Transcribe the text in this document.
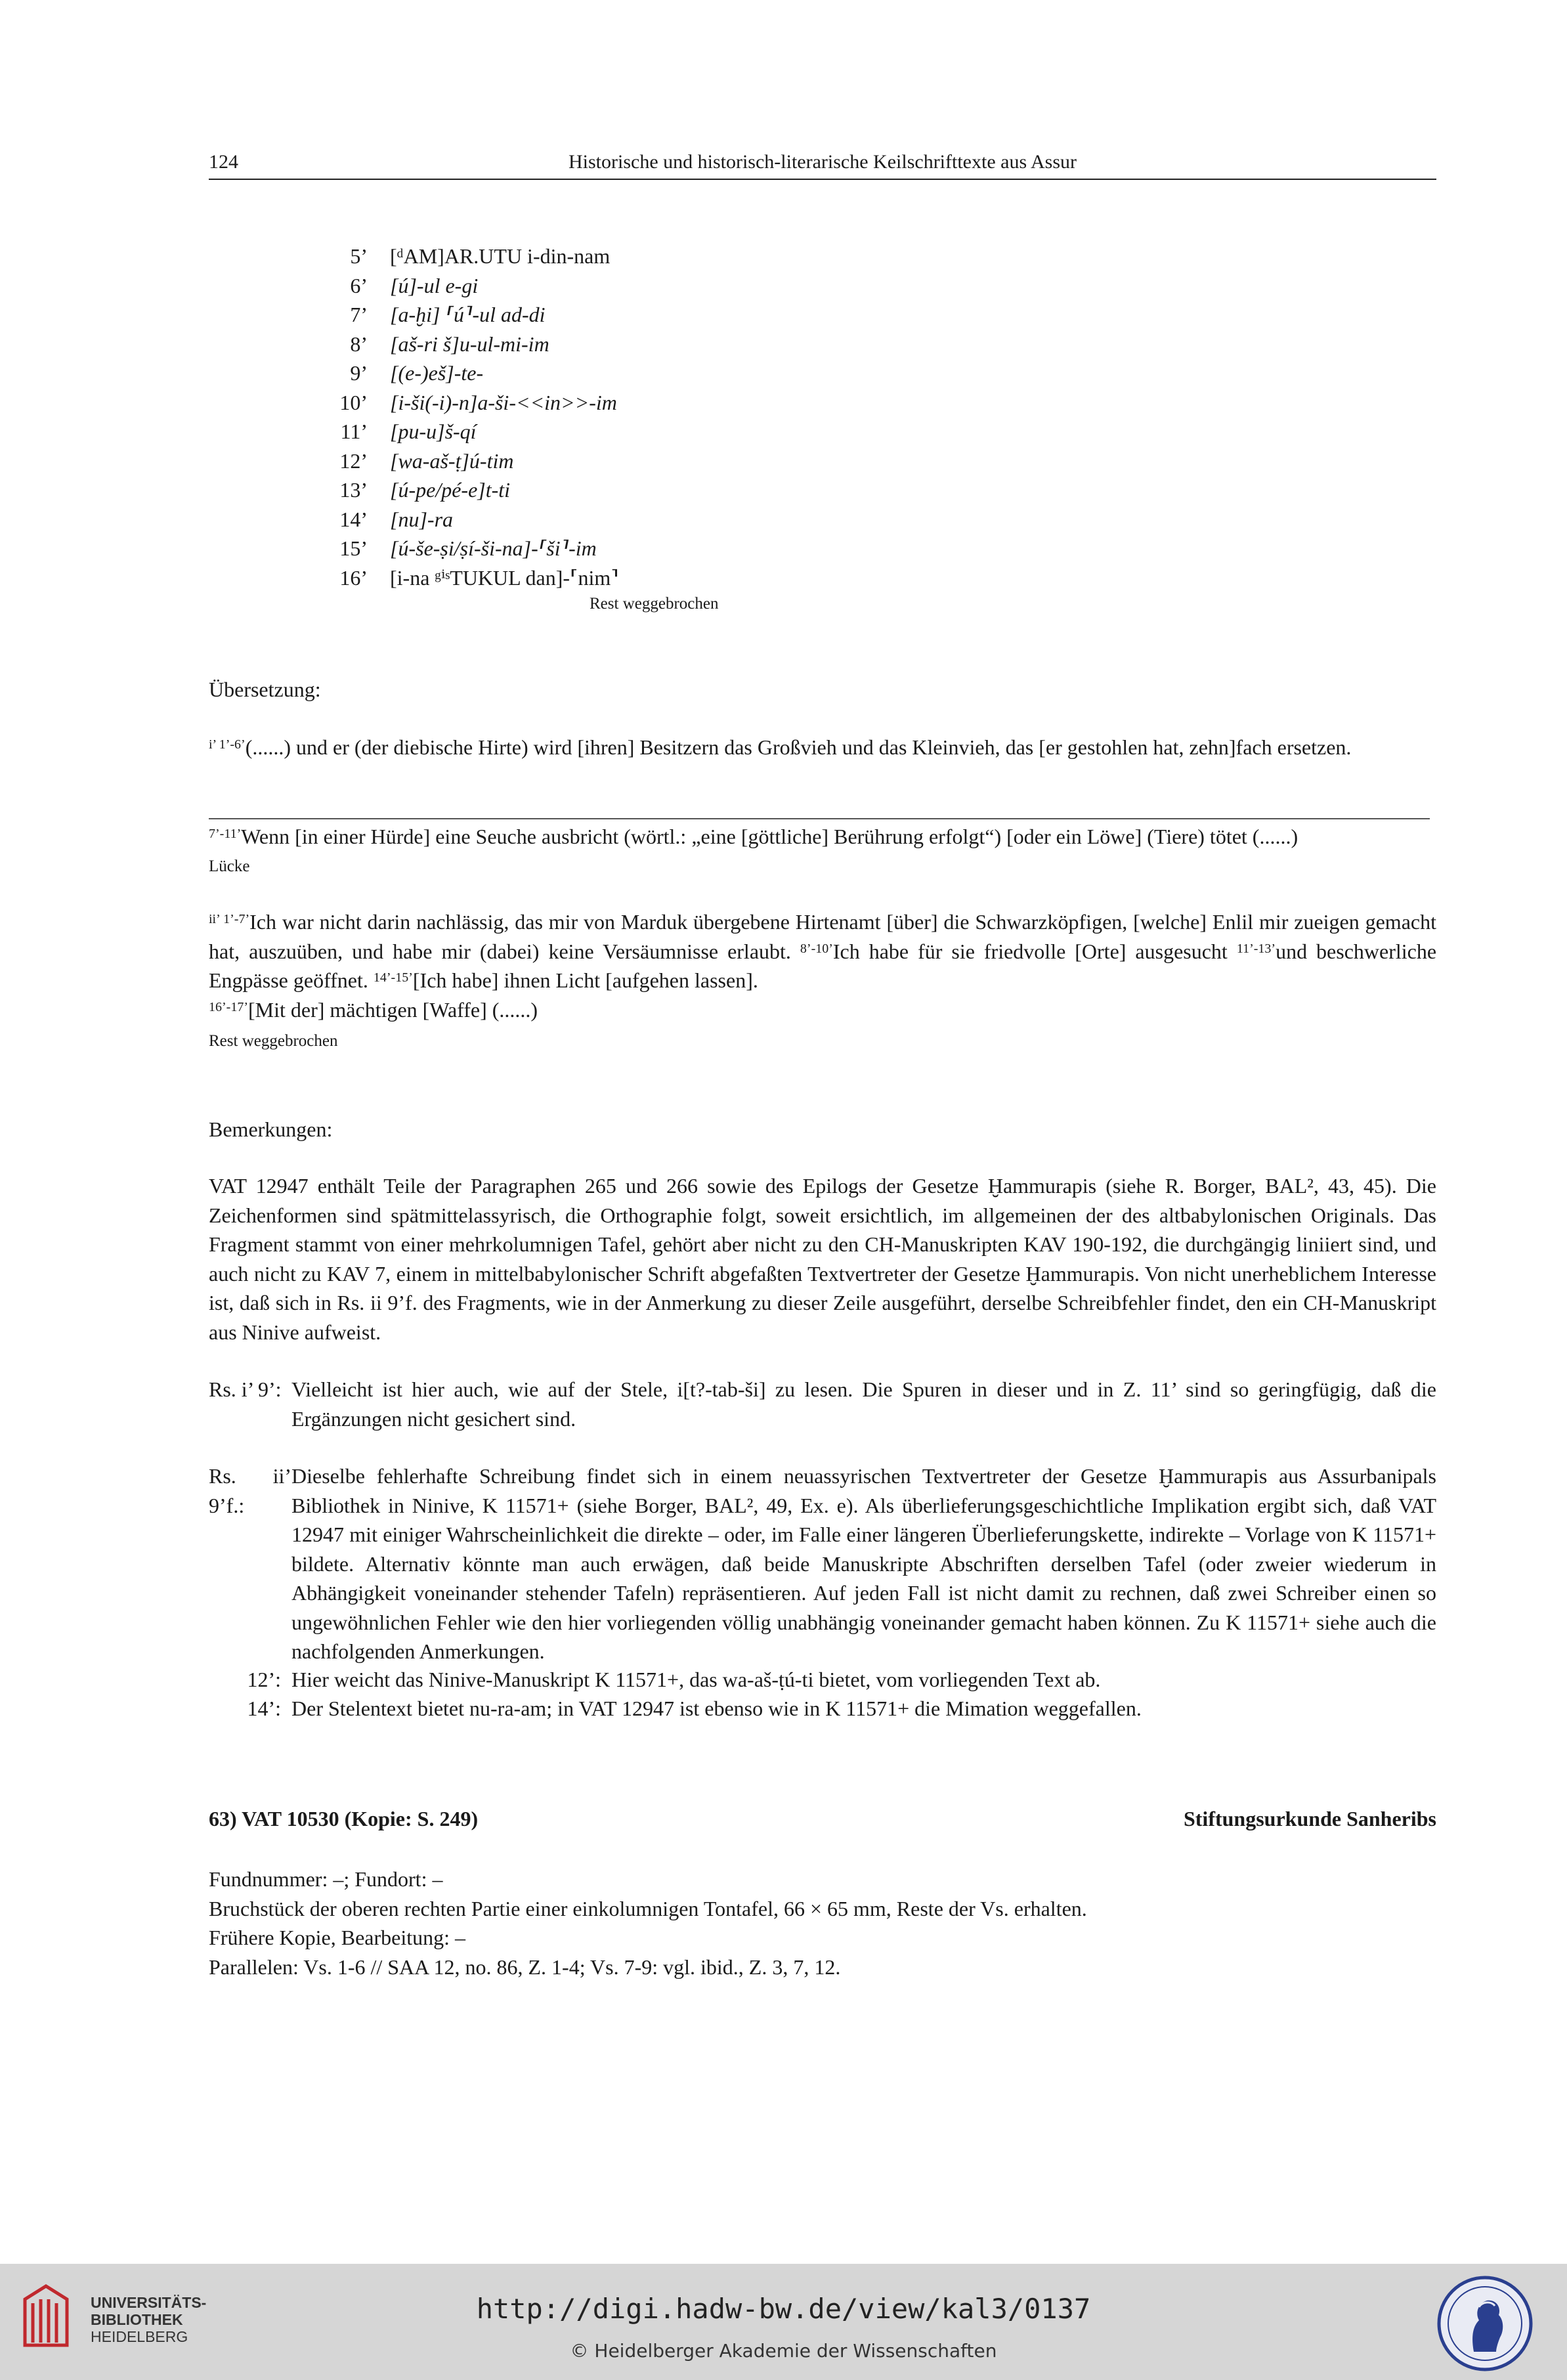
124	Historische und historisch-literarische Keilschrifttexte aus Assur
5’	[ᵈAM]AR.UTU i-din-nam
6’	[ú]-ul e-gi
7’	[a-ḫi] ⸢ú⸣-ul ad-di
8’	[aš-ri š]u-ul-mi-im
9’	[(e-)eš]-te-
10’	[i-ši(-i)-n]a-ši-<<in>>-im
11’	[pu-u]š-qí
12’	[wa-aš-ṭ]ú-tim
13’	[ú-pe/pé-e]t-ti
14’	[nu]-ra
15’	[ú-še-ṣi/ṣí-ši-na]-⸢ši⸣-im
16’	[i-na ᵍⁱˢTUKUL dan]-⸢nim⸣
Rest weggebrochen
Übersetzung:
$^{i’ 1’-6’}$(......) und er (der diebische Hirte) wird [ihren] Besitzern das Großvieh und das Kleinvieh, das [er gestohlen hat, zehn]fach ersetzen.
$^{7’-11’}$Wenn [in einer Hürde] eine Seuche ausbricht (wörtl.: „eine [göttliche] Berührung erfolgt“) [oder ein Löwe] (Tiere) tötet (......)
Lücke
$^{ii’ 1’-7’}$Ich war nicht darin nachlässig, das mir von Marduk übergebene Hirtenamt [über] die Schwarzköpfigen, [welche] Enlil mir zueigen gemacht hat, auszuüben, und habe mir (dabei) keine Versäumnisse erlaubt. $^{8’-10’}$Ich habe für sie friedvolle [Orte] ausgesucht $^{11’-13’}$und beschwerliche Engpässe geöffnet. $^{14’-15’}$[Ich habe] ihnen Licht [aufgehen lassen].
$^{16’-17’}$[Mit der] mächtigen [Waffe] (......)
Rest weggebrochen
Bemerkungen:
VAT 12947 enthält Teile der Paragraphen 265 und 266 sowie des Epilogs der Gesetze Ḫammurapis (siehe R. Borger, BAL², 43, 45). Die Zeichenformen sind spätmittelassyrisch, die Orthographie folgt, soweit ersichtlich, im allgemeinen der des altbabylonischen Originals. Das Fragment stammt von einer mehrkolumnigen Tafel, gehört aber nicht zu den CH-Manuskripten KAV 190-192, die durchgängig liniiert sind, und auch nicht zu KAV 7, einem in mittelbabylonischer Schrift abgefaßten Textvertreter der Gesetze Ḫammurapis. Von nicht unerheblichem Interesse ist, daß sich in Rs. ii 9’f. des Fragments, wie in der Anmerkung zu dieser Zeile ausgeführt, derselbe Schreibfehler findet, den ein CH-Manuskript aus Ninive aufweist.
Rs. i’ 9’: Vielleicht ist hier auch, wie auf der Stele, i[t?-tab-ši] zu lesen. Die Spuren in dieser und in Z. 11’ sind so geringfügig, daß die Ergänzungen nicht gesichert sind.
Rs. ii’ 9’f.:
Dieselbe fehlerhafte Schreibung findet sich in einem neuassyrischen Textvertreter der Gesetze Ḫammurapis aus Assurbanipals Bibliothek in Ninive, K 11571+ (siehe Borger, BAL², 49, Ex. e). Als überlieferungsgeschichtliche Implikation ergibt sich, daß VAT 12947 mit einiger Wahrscheinlichkeit die direkte – oder, im Falle einer längeren Überlieferungskette, indirekte – Vorlage von K 11571+ bildete. Alternativ könnte man auch erwägen, daß beide Manuskripte Abschriften derselben Tafel (oder zweier wiederum in Abhängigkeit voneinander stehender Tafeln) repräsentieren. Auf jeden Fall ist nicht damit zu rechnen, daß zwei Schreiber einen so ungewöhnlichen Fehler wie den hier vorliegenden völlig unabhängig voneinander gemacht haben können. Zu K 11571+ siehe auch die nachfolgenden Anmerkungen.
12’: Hier weicht das Ninive-Manuskript K 11571+, das wa-aš-ṭú-ti bietet, vom vorliegenden Text ab.
14’: Der Stelentext bietet nu-ra-am; in VAT 12947 ist ebenso wie in K 11571+ die Mimation weggefallen.
63) VAT 10530 (Kopie: S. 249)	Stiftungsurkunde Sanheribs
Fundnummer: –; Fundort: –
Bruchstück der oberen rechten Partie einer einkolumnigen Tontafel, 66 × 65 mm, Reste der Vs. erhalten.
Frühere Kopie, Bearbeitung: –
Parallelen: Vs. 1-6 // SAA 12, no. 86, Z. 1-4; Vs. 7-9: vgl. ibid., Z. 3, 7, 12.
UNIVERSITÄTS-
BIBLIOTHEK
HEIDELBERG
http://digi.hadw-bw.de/view/kal3/0137
© Heidelberger Akademie der Wissenschaften
